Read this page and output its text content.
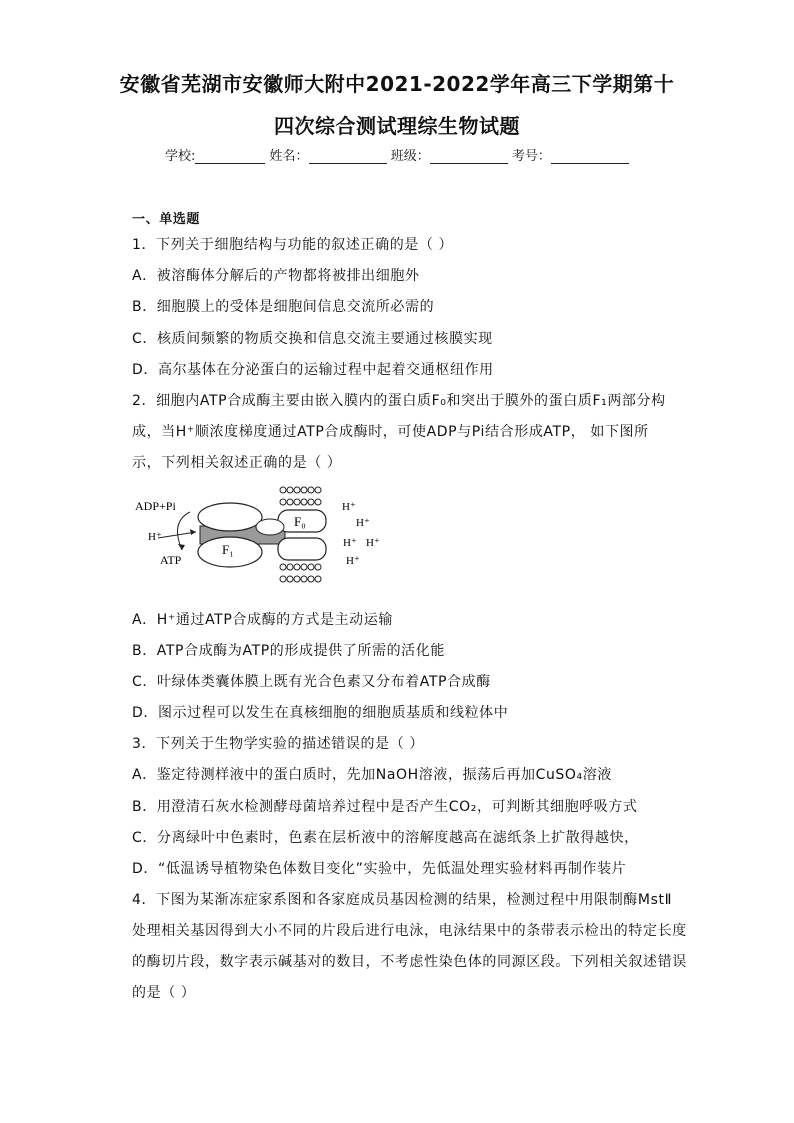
安徽省芜湖市安徽师大附中2021-2022学年高三下学期第十
四次综合测试理综生物试题
学校:	姓名：	班级：	考号：
一、单选题
1．下列关于细胞结构与功能的叙述正确的是（ ）
A．被溶酶体分解后的产物都将被排出细胞外
B．细胞膜上的受体是细胞间信息交流所必需的
C．核质间频繁的物质交换和信息交流主要通过核膜实现
D．高尔基体在分泌蛋白的运输过程中起着交通枢纽作用
2．细胞内ATP合成酶主要由嵌入膜内的蛋白质F₀和突出于膜外的蛋白质F₁两部分构
成，当H⁺顺浓度梯度通过ATP合成酶时，可使ADP与Pi结合形成ATP， 如下图所
示，下列相关叙述正确的是（ ）
ADP+Pi
H⁺
ATP
F₁
F₀
H⁺
H⁺
H⁺ H⁺
H⁺
A．H⁺通过ATP合成酶的方式是主动运输
B．ATP合成酶为ATP的形成提供了所需的活化能
C．叶绿体类囊体膜上既有光合色素又分布着ATP合成酶
D．图示过程可以发生在真核细胞的细胞质基质和线粒体中
3．下列关于生物学实验的描述错误的是（ ）
A．鉴定待测样液中的蛋白质时，先加NaOH溶液，振荡后再加CuSO₄溶液
B．用澄清石灰水检测酵母菌培养过程中是否产生CO₂，可判断其细胞呼吸方式
C．分离绿叶中色素时，色素在层析液中的溶解度越高在滤纸条上扩散得越快，
D．“低温诱导植物染色体数目变化”实验中，先低温处理实验材料再制作装片
4．下图为某渐冻症家系图和各家庭成员基因检测的结果，检测过程中用限制酶MstⅡ
处理相关基因得到大小不同的片段后进行电泳，电泳结果中的条带表示检出的特定长度
的酶切片段，数字表示碱基对的数目，不考虑性染色体的同源区段。下列相关叙述错误
的是（ ）
